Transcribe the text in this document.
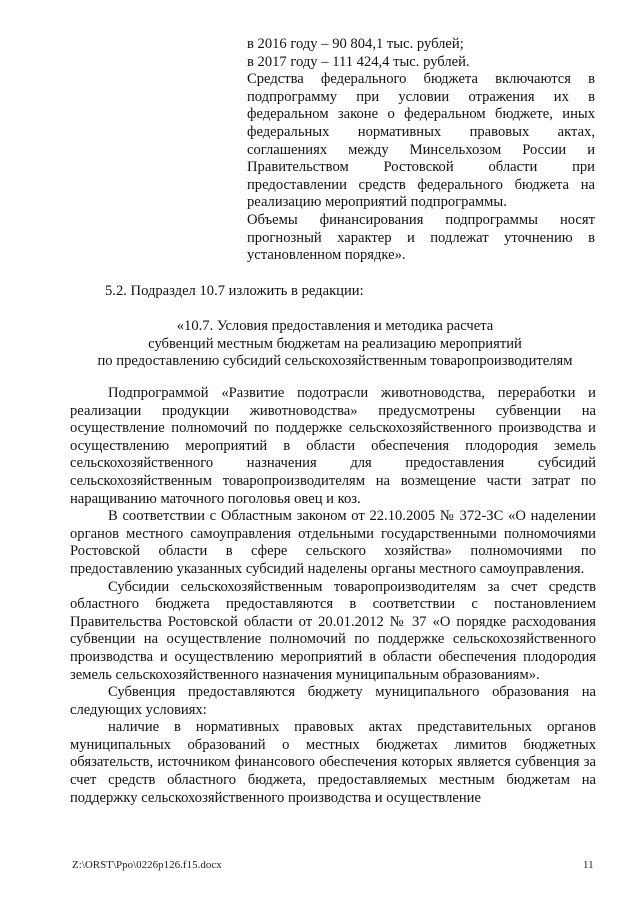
в 2016 году – 90 804,1 тыс. рублей;

в 2017 году – 111 424,4 тыс. рублей.

Средства федерального бюджета включаются в подпрограмму при условии отражения их в федеральном законе о федеральном бюджете, иных федеральных нормативных правовых актах, соглашениях между Минсельхозом России и Правительством Ростовской области при предоставлении средств федерального бюджета на реализацию мероприятий подпрограммы.

Объемы финансирования подпрограммы носят прогнозный характер и подлежат уточнению в установленном порядке».

5.2. Подраздел 10.7 изложить в редакции:

«10.7. Условия предоставления и методика расчета

субвенций местным бюджетам на реализацию мероприятий

по предоставлению субсидий сельскохозяйственным товаропроизводителям

Подпрограммой «Развитие подотрасли животноводства, переработки и реализации продукции животноводства» предусмотрены субвенции на осуществление полномочий по поддержке сельскохозяйственного производства и осуществлению мероприятий в области обеспечения плодородия земель сельскохозяйственного назначения для предоставления субсидий сельскохозяйственным товаропроизводителям на возмещение части затрат по наращиванию маточного поголовья овец и коз.

В соответствии с Областным законом от 22.10.2005 № 372-ЗС «О наделении органов местного самоуправления отдельными государственными полномочиями Ростовской области в сфере сельского хозяйства» полномочиями по предоставлению указанных субсидий наделены органы местного самоуправления.

Субсидии сельскохозяйственным товаропроизводителям за счет средств областного бюджета предоставляются в соответствии с постановлением Правительства Ростовской области от 20.01.2012 № 37 «О порядке расходования субвенции на осуществление полномочий по поддержке сельскохозяйственного производства и осуществлению мероприятий в области обеспечения плодородия земель сельскохозяйственного назначения муниципальным образованиям».

Субвенция предоставляются бюджету муниципального образования на следующих условиях:

наличие в нормативных правовых актах представительных органов муниципальных образований о местных бюджетах лимитов бюджетных обязательств, источником финансового обеспечения которых является субвенция за счет средств областного бюджета, предоставляемых местным бюджетам на поддержку сельскохозяйственного производства и осуществление

Z:\ORST\Ppo\0226p126.f15.docx	11
